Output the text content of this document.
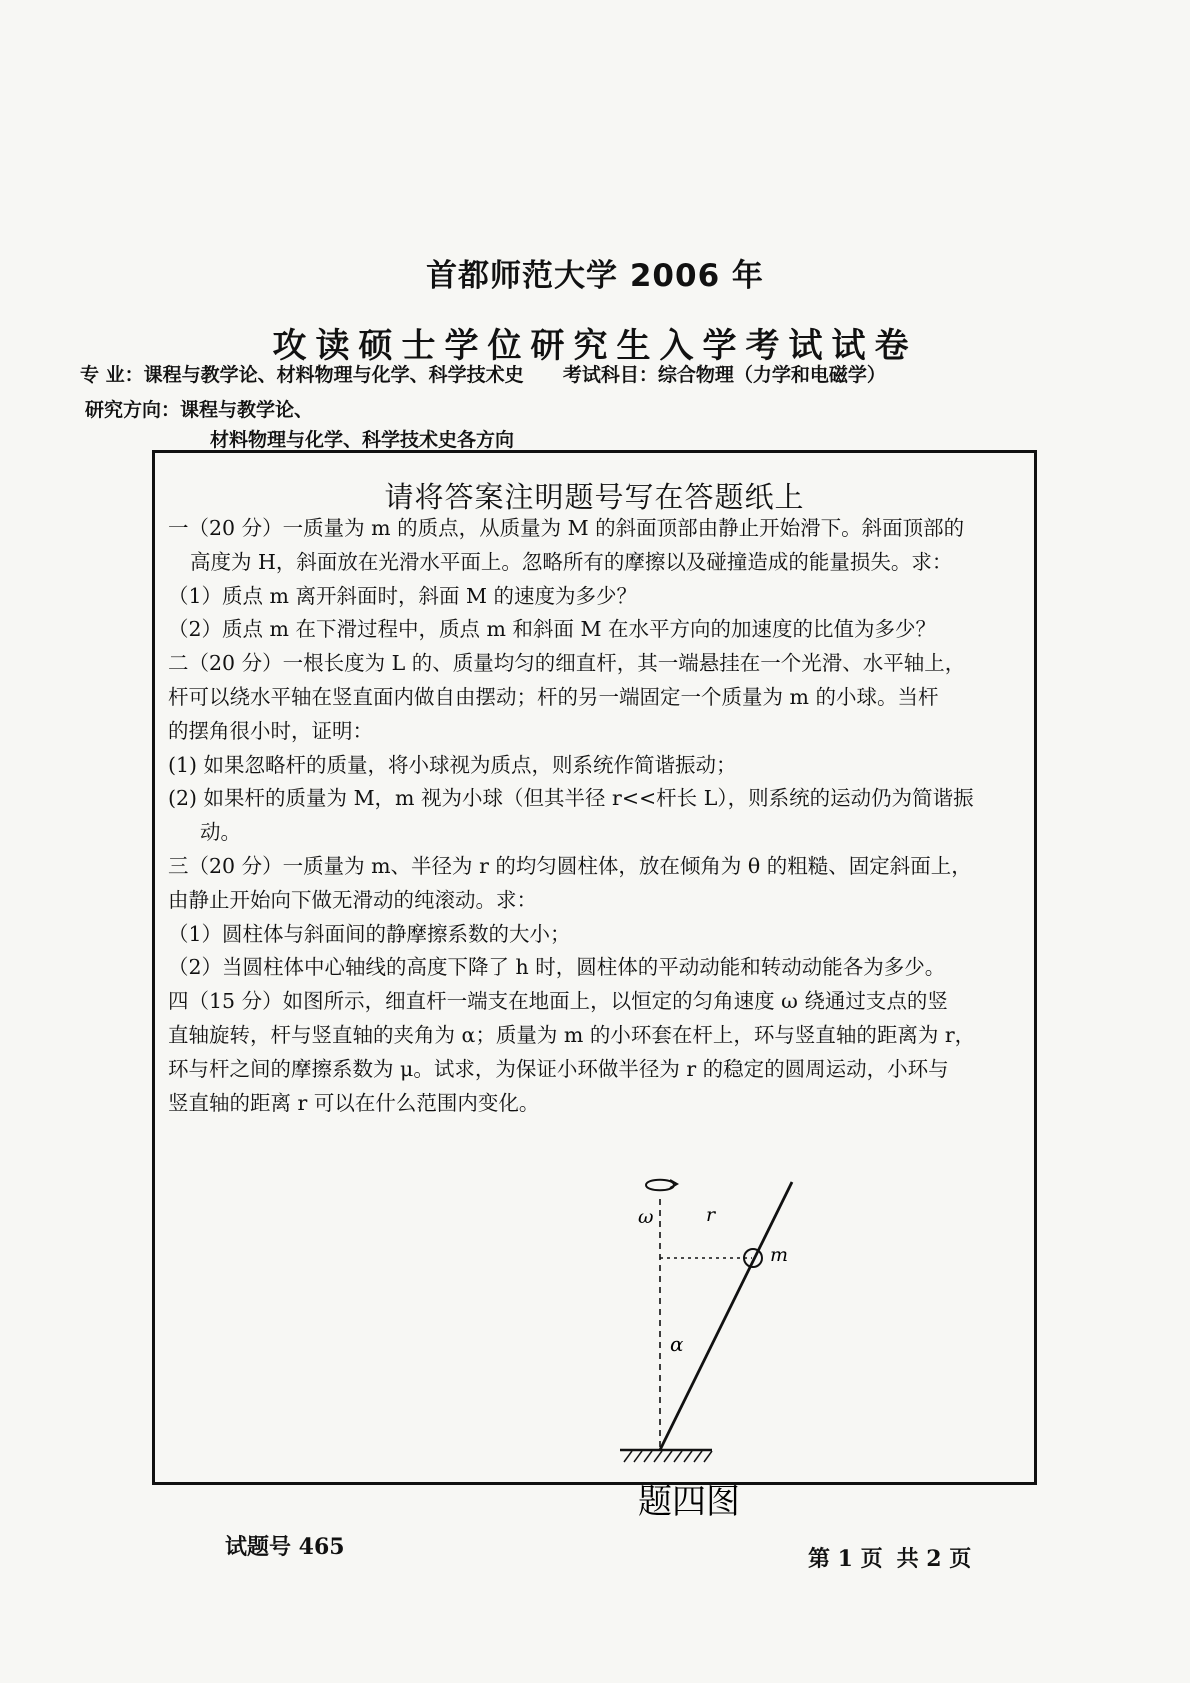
首都师范大学 2006 年
攻读硕士学位研究生入学考试试卷
专 业：课程与教学论、材料物理与化学、科学技术史 考试科目：综合物理（力学和电磁学）
研究方向：课程与教学论、
材料物理与化学、科学技术史各方向
请将答案注明题号写在答题纸上

一（20 分）一质量为 m 的质点，从质量为 M 的斜面顶部由静止开始滑下。斜面顶部的

高度为 H，斜面放在光滑水平面上。忽略所有的摩擦以及碰撞造成的能量损失。求：

（1）质点 m 离开斜面时，斜面 M 的速度为多少？

（2）质点 m 在下滑过程中，质点 m 和斜面 M 在水平方向的加速度的比值为多少？

二（20 分）一根长度为 L 的、质量均匀的细直杆，其一端悬挂在一个光滑、水平轴上，

杆可以绕水平轴在竖直面内做自由摆动；杆的另一端固定一个质量为 m 的小球。当杆

的摆角很小时，证明：

(1) 如果忽略杆的质量，将小球视为质点，则系统作简谐振动；

(2) 如果杆的质量为 M，m 视为小球（但其半径 r<<杆长 L），则系统的运动仍为简谐振

动。

三（20 分）一质量为 m、半径为 r 的均匀圆柱体，放在倾角为 θ 的粗糙、固定斜面上，

由静止开始向下做无滑动的纯滚动。求：

（1）圆柱体与斜面间的静摩擦系数的大小；

（2）当圆柱体中心轴线的高度下降了 h 时，圆柱体的平动动能和转动动能各为多少。

四（15 分）如图所示，细直杆一端支在地面上，以恒定的匀角速度 ω 绕通过支点的竖

直轴旋转，杆与竖直轴的夹角为 α；质量为 m 的小环套在杆上，环与竖直轴的距离为 r，

环与杆之间的摩擦系数为 μ。试求，为保证小环做半径为 r 的稳定的圆周运动，小环与

竖直轴的距离 r 可以在什么范围内变化。

ω	r
m
α
题四图
试题号 465	第 1 页 共 2 页
